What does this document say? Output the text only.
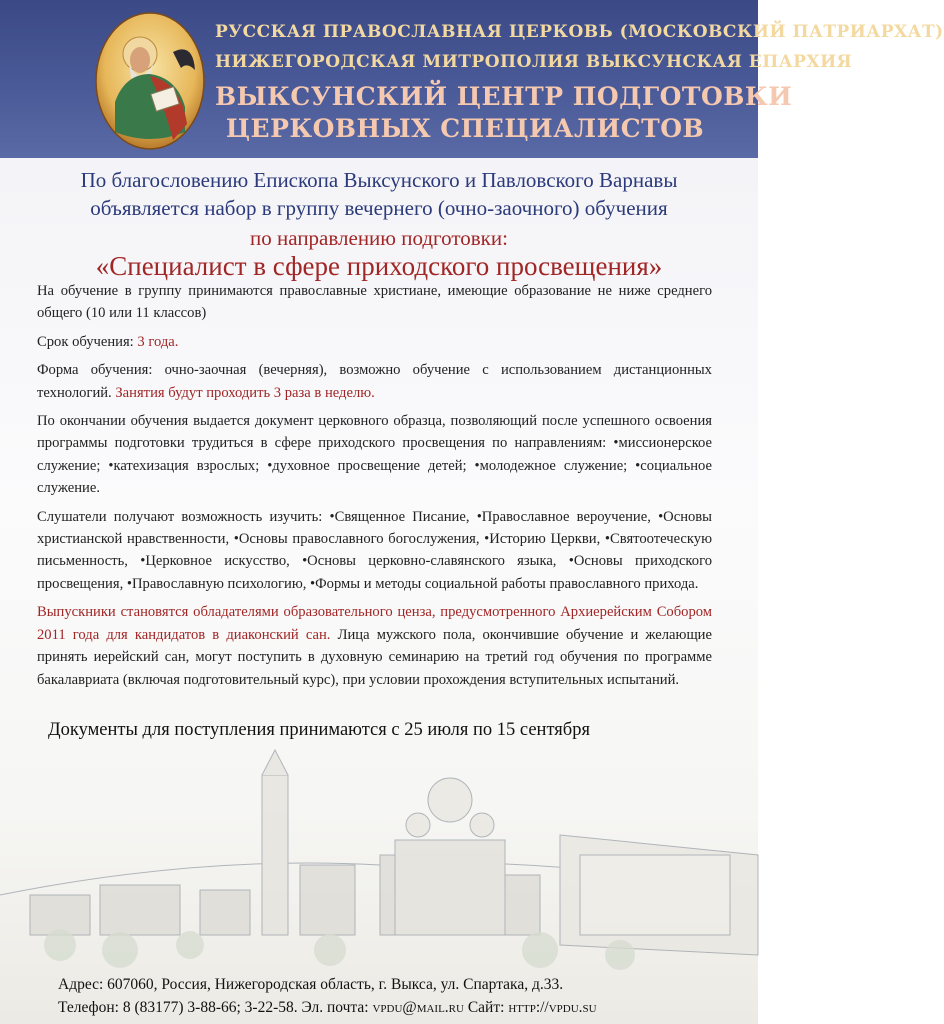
РУССКАЯ ПРАВОСЛАВНАЯ ЦЕРКОВЬ (МОСКОВСКИЙ ПАТРИАРХАТ)
НИЖЕГОРОДСКАЯ МИТРОПОЛИЯ ВЫКСУНСКАЯ ЕПАРХИЯ
ВЫКСУНСКИЙ ЦЕНТР ПОДГОТОВКИ
ЦЕРКОВНЫХ СПЕЦИАЛИСТОВ
По благословению Епископа Выксунского и Павловского Варнавы
объявляется набор в группу вечернего (очно-заочного) обучения
по направлению подготовки:
«Специалист в сфере приходского просвещения»

На обучение в группу принимаются православные христиане, имеющие образование не ниже среднего общего (10 или 11 классов)

Срок обучения: 3 года.

Форма обучения: очно-заочная (вечерняя), возможно обучение с использованием дистанционных технологий. Занятия будут проходить 3 раза в неделю.

По окончании обучения выдается документ церковного образца, позволяющий после успешного освоения программы подготовки трудиться в сфере приходского просвещения по направлениям: •миссионерское служение; •катехизация взрослых; •духовное просвещение детей; •молодежное служение; •социальное служение.

Слушатели получают возможность изучить: •Священное Писание, •Православное вероучение, •Основы христианской нравственности, •Основы православного богослужения, •Историю Церкви, •Святоотеческую письменность, •Церковное искусство, •Основы церковно-славянского языка, •Основы приходского просвещения, •Православную психологию, •Формы и методы социальной работы православного прихода.

Выпускники становятся обладателями образовательного ценза, предусмотренного Архиерейским Собором 2011 года для кандидатов в диаконский сан. Лица мужского пола, окончившие обучение и желающие принять иерейский сан, могут поступить в духовную семинарию на третий год обучения по программе бакалавриата (включая подготовительный курс), при условии прохождения вступительных испытаний.

Документы для поступления принимаются с 25 июля по 15 сентября
Адрес: 607060, Россия, Нижегородская область, г. Выкса, ул. Спартака, д.33.
Телефон: 8 (83177) 3-88-66; 3-22-58. Эл. почта: vpdu@mail.ru Сайт: http://vpdu.su
